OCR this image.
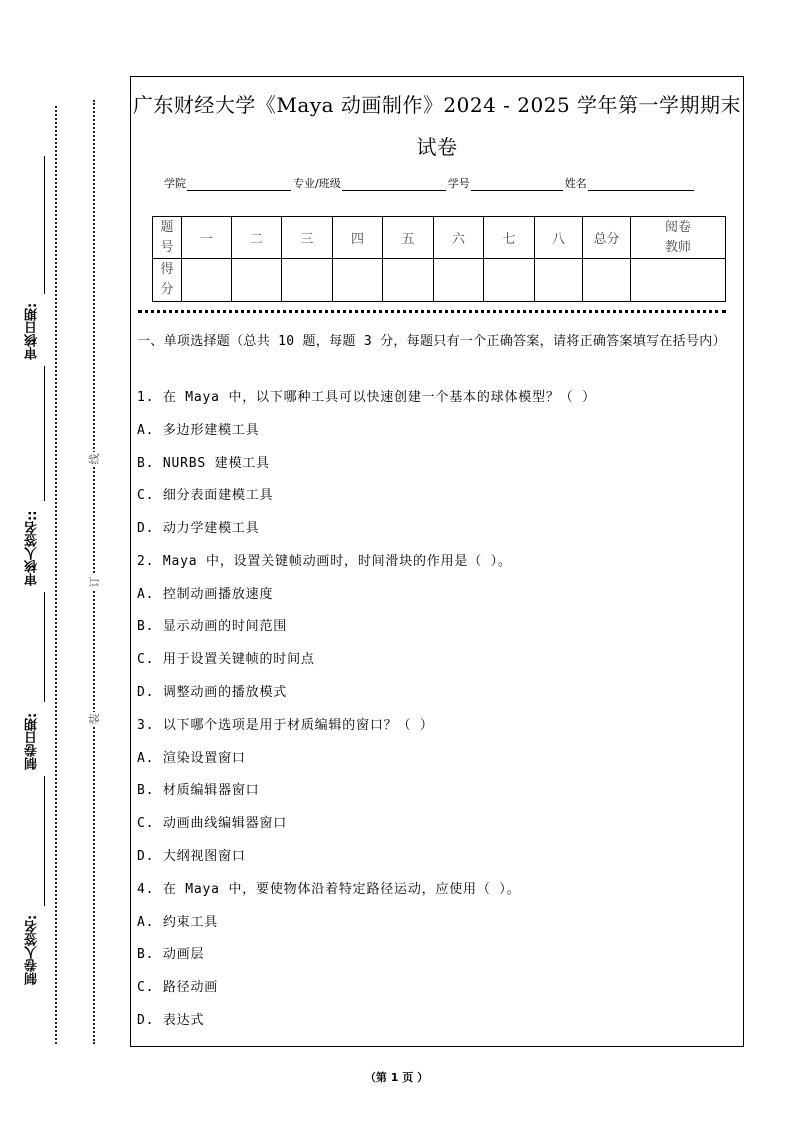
审核日期:
审核人签名::
制卷日期:
制卷人签名:
线
订
装
广东财经大学《Maya 动画制作》2024 - 2025 学年第一学期期末
试卷
学院	专业/班级	学号	姓名
题号	一	二	三	四	五	六	七	八	总分	阅卷教师
得分										
一、单项选择题（总共 10 题，每题 3 分，每题只有一个正确答案，请将正确答案填写在括号内）
1. 在 Maya 中，以下哪种工具可以快速创建一个基本的球体模型？（ ）
A. 多边形建模工具
B. NURBS 建模工具
C. 细分表面建模工具
D. 动力学建模工具
2. Maya 中，设置关键帧动画时，时间滑块的作用是（ ）。
A. 控制动画播放速度
B. 显示动画的时间范围
C. 用于设置关键帧的时间点
D. 调整动画的播放模式
3. 以下哪个选项是用于材质编辑的窗口？（ ）
A. 渲染设置窗口
B. 材质编辑器窗口
C. 动画曲线编辑器窗口
D. 大纲视图窗口
4. 在 Maya 中，要使物体沿着特定路径运动，应使用（ ）。
A. 约束工具
B. 动画层
C. 路径动画
D. 表达式
（第 1 页 ）
